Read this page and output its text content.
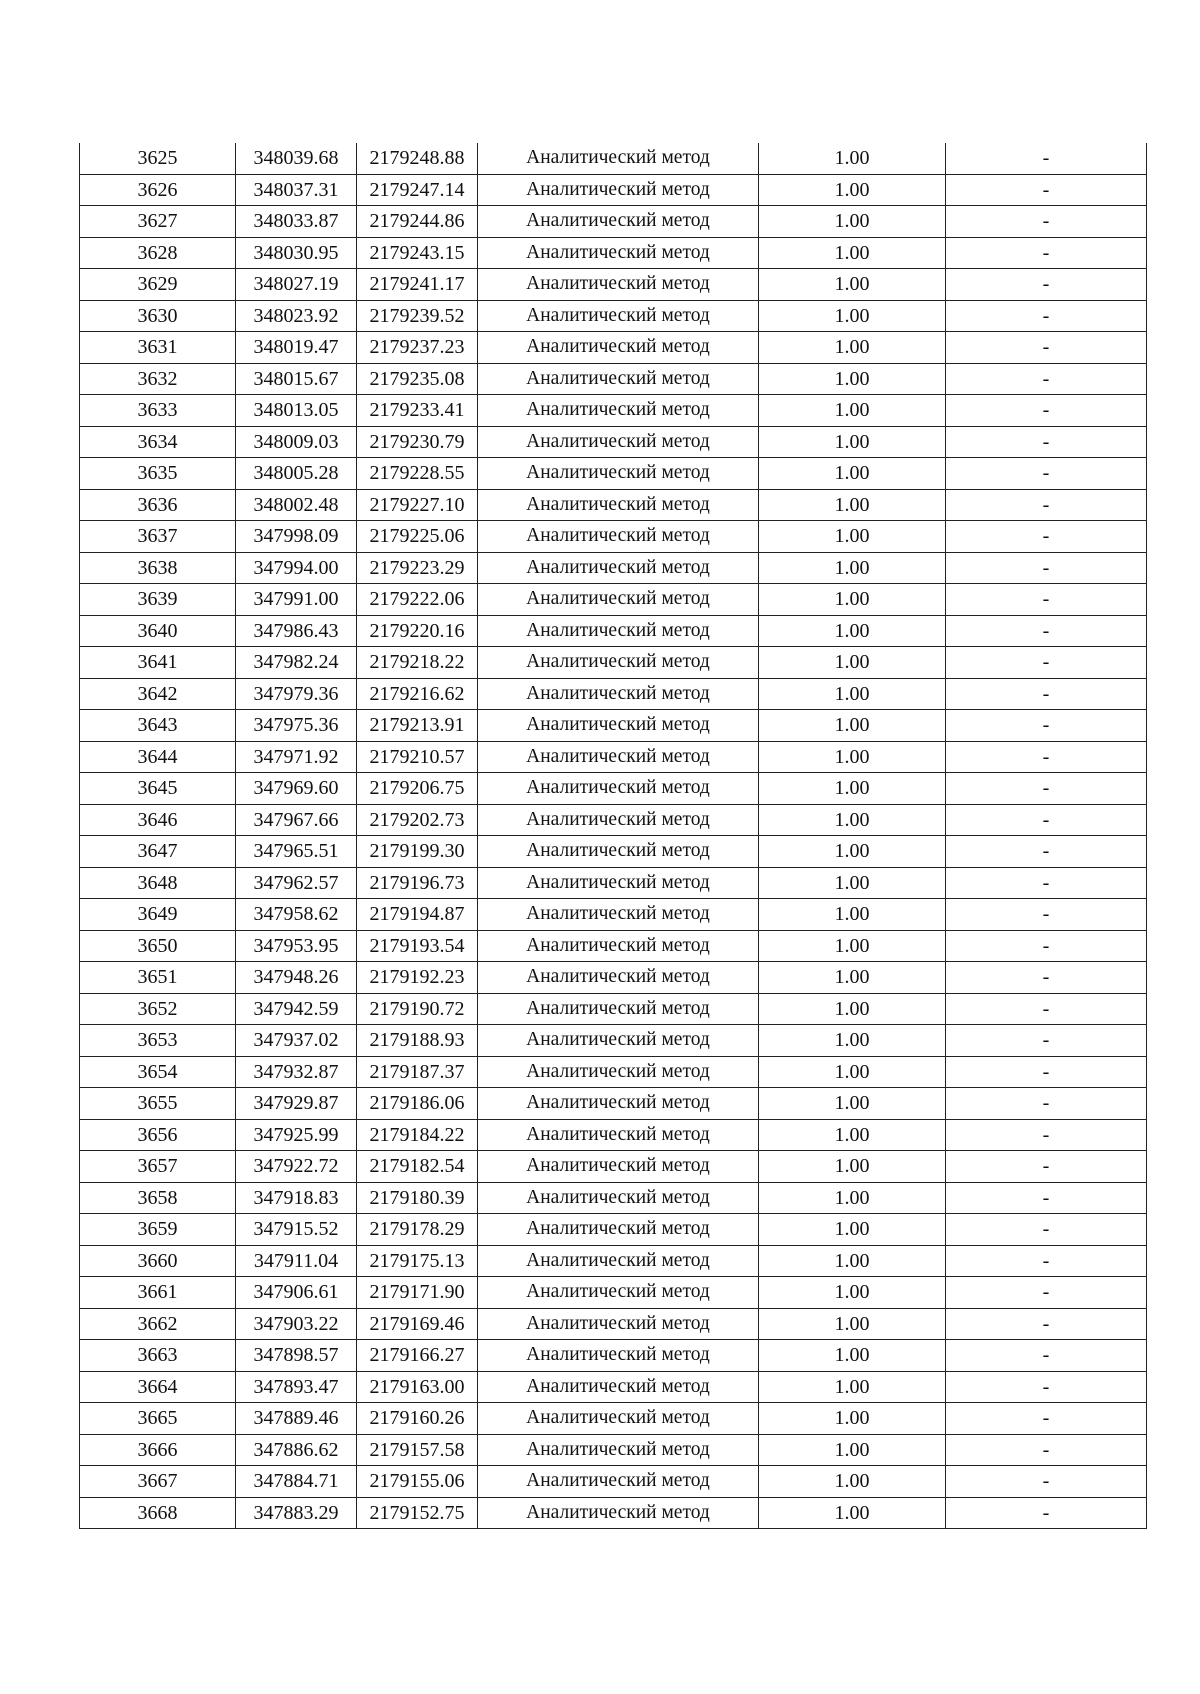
3625	348039.68	2179248.88	Аналитический метод	1.00	-
3626	348037.31	2179247.14	Аналитический метод	1.00	-
3627	348033.87	2179244.86	Аналитический метод	1.00	-
3628	348030.95	2179243.15	Аналитический метод	1.00	-
3629	348027.19	2179241.17	Аналитический метод	1.00	-
3630	348023.92	2179239.52	Аналитический метод	1.00	-
3631	348019.47	2179237.23	Аналитический метод	1.00	-
3632	348015.67	2179235.08	Аналитический метод	1.00	-
3633	348013.05	2179233.41	Аналитический метод	1.00	-
3634	348009.03	2179230.79	Аналитический метод	1.00	-
3635	348005.28	2179228.55	Аналитический метод	1.00	-
3636	348002.48	2179227.10	Аналитический метод	1.00	-
3637	347998.09	2179225.06	Аналитический метод	1.00	-
3638	347994.00	2179223.29	Аналитический метод	1.00	-
3639	347991.00	2179222.06	Аналитический метод	1.00	-
3640	347986.43	2179220.16	Аналитический метод	1.00	-
3641	347982.24	2179218.22	Аналитический метод	1.00	-
3642	347979.36	2179216.62	Аналитический метод	1.00	-
3643	347975.36	2179213.91	Аналитический метод	1.00	-
3644	347971.92	2179210.57	Аналитический метод	1.00	-
3645	347969.60	2179206.75	Аналитический метод	1.00	-
3646	347967.66	2179202.73	Аналитический метод	1.00	-
3647	347965.51	2179199.30	Аналитический метод	1.00	-
3648	347962.57	2179196.73	Аналитический метод	1.00	-
3649	347958.62	2179194.87	Аналитический метод	1.00	-
3650	347953.95	2179193.54	Аналитический метод	1.00	-
3651	347948.26	2179192.23	Аналитический метод	1.00	-
3652	347942.59	2179190.72	Аналитический метод	1.00	-
3653	347937.02	2179188.93	Аналитический метод	1.00	-
3654	347932.87	2179187.37	Аналитический метод	1.00	-
3655	347929.87	2179186.06	Аналитический метод	1.00	-
3656	347925.99	2179184.22	Аналитический метод	1.00	-
3657	347922.72	2179182.54	Аналитический метод	1.00	-
3658	347918.83	2179180.39	Аналитический метод	1.00	-
3659	347915.52	2179178.29	Аналитический метод	1.00	-
3660	347911.04	2179175.13	Аналитический метод	1.00	-
3661	347906.61	2179171.90	Аналитический метод	1.00	-
3662	347903.22	2179169.46	Аналитический метод	1.00	-
3663	347898.57	2179166.27	Аналитический метод	1.00	-
3664	347893.47	2179163.00	Аналитический метод	1.00	-
3665	347889.46	2179160.26	Аналитический метод	1.00	-
3666	347886.62	2179157.58	Аналитический метод	1.00	-
3667	347884.71	2179155.06	Аналитический метод	1.00	-
3668	347883.29	2179152.75	Аналитический метод	1.00	-
